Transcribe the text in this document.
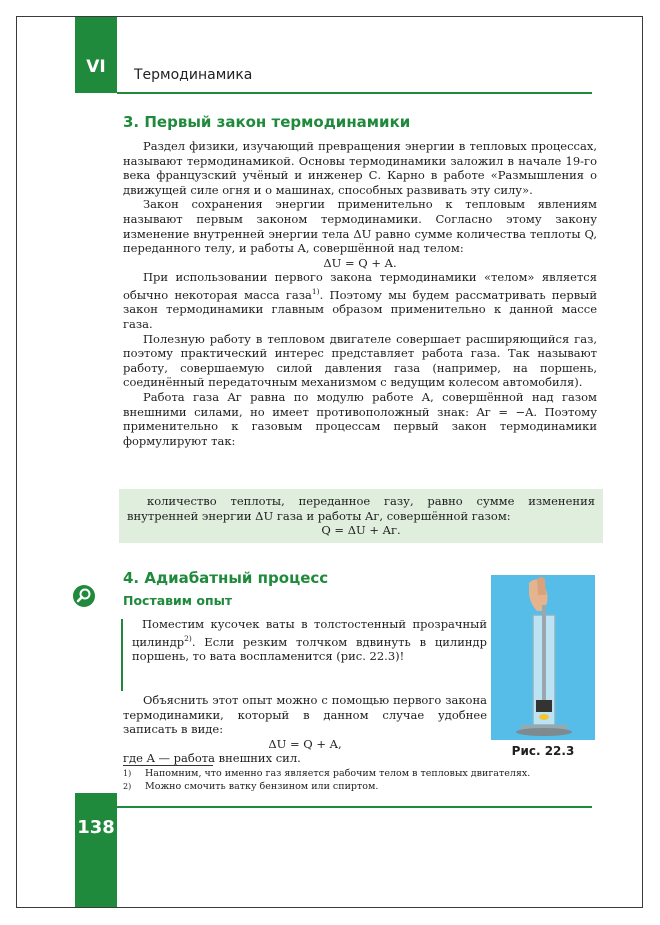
VI	Термодинамика
3. Первый закон термодинамики

Раздел физики, изучающий превращения энергии в тепловых процессах, называют термодинамикой. Основы термодинамики заложил в начале 19-го века французский учёный и инженер С. Карно в работе «Размышления о движущей силе огня и о машинах, способных развивать эту силу».

Закон сохранения энергии применительно к тепловым явлениям называют первым законом термодинамики. Согласно этому закону изменение внутренней энергии тела ΔU равно сумме количества теплоты Q, переданного телу, и работы A, совершённой над телом:

ΔU = Q + A.

При использовании первого закона термодинамики «телом» является обычно некоторая масса газа$^{1)}$. Поэтому мы будем рассматривать первый закон термодинамики главным образом применительно к данной массе газа.

Полезную работу в тепловом двигателе совершает расширяющийся газ, поэтому практический интерес представляет работа газа. Так называют работу, совершаемую силой давления газа (например, на поршень, соединённый передаточным механизмом с ведущим колесом автомобиля).

Работа газа Aг равна по модулю работе A, совершённой над газом внешними силами, но имеет противоположный знак: Aг = −A. Поэтому применительно к газовым процессам первый закон термодинамики формулируют так:

количество теплоты, переданное газу, равно сумме изменения внутренней энергии ΔU газа и работы Aг, совершённой газом:

Q = ΔU + Aг.

4. Адиабатный процесс
Поставим опыт

Поместим кусочек ваты в толстостенный прозрачный цилиндр$^{2)}$. Если резким толчком вдвинуть в цилиндр поршень, то вата воспламенится (рис. 22.3)!

Объяснить этот опыт можно с помощью первого закона термодинамики, который в данном случае удобнее записать в виде:

ΔU = Q + A,

где A — работа внешних сил.

Рис. 22.3
1) Напомним, что именно газ является рабочим телом в тепловых двигателях.
2) Можно смочить ватку бензином или спиртом.
138
